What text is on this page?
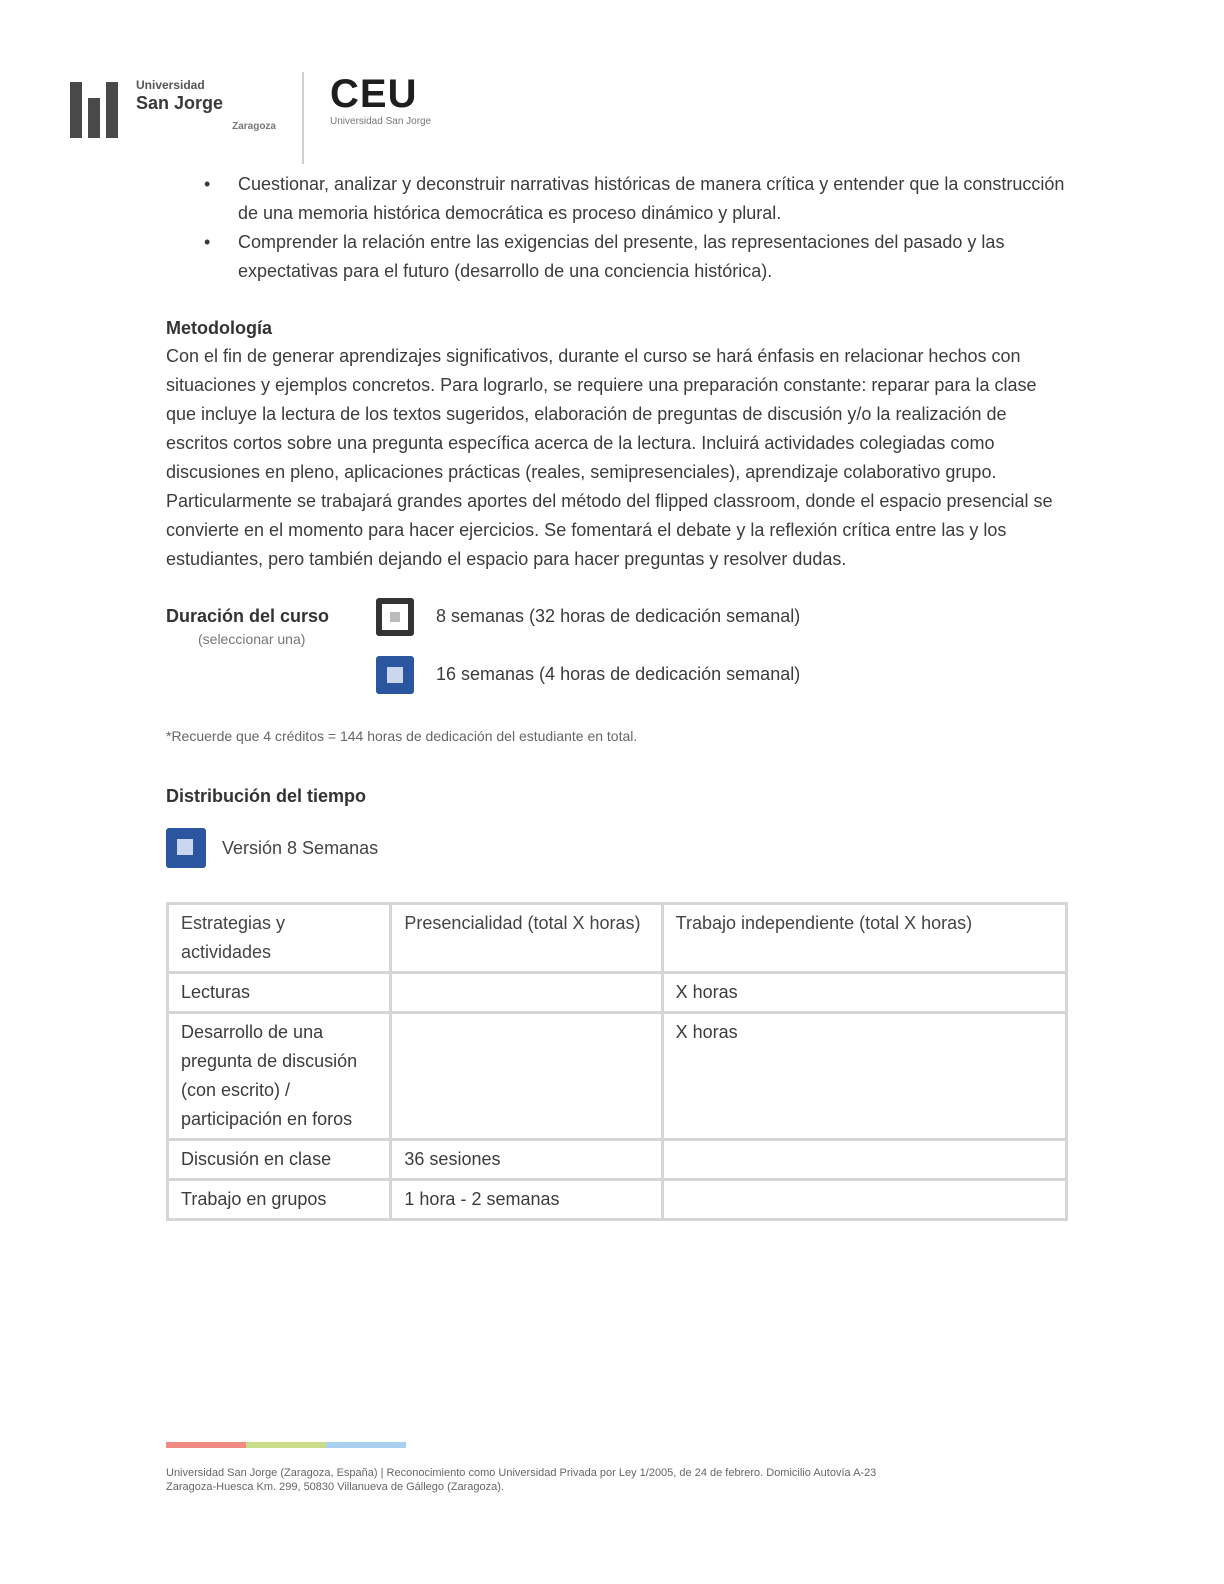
Universidad
San Jorge
Zaragoza
CEU
Universidad San Jorge
• Cuestionar, analizar y deconstruir narrativas históricas de manera crítica y entender que la construcción de una memoria histórica democrática es proceso dinámico y plural.
• Comprender la relación entre las exigencias del presente, las representaciones del pasado y las expectativas para el futuro (desarrollo de una conciencia histórica).
Metodología

Con el fin de generar aprendizajes significativos, durante el curso se hará énfasis en relacionar hechos con situaciones y ejemplos concretos. Para lograrlo, se requiere una preparación constante: reparar para la clase que incluye la lectura de los textos sugeridos, elaboración de preguntas de discusión y/o la realización de escritos cortos sobre una pregunta específica acerca de la lectura. Incluirá actividades colegiadas como discusiones en pleno, aplicaciones prácticas (reales, semipresenciales), aprendizaje colaborativo grupo. Particularmente se trabajará grandes aportes del método del flipped classroom, donde el espacio presencial se convierte en el momento para hacer ejercicios. Se fomentará el debate y la reflexión crítica entre las y los estudiantes, pero también dejando el espacio para hacer preguntas y resolver dudas.

Duración del curso
(seleccionar una)
8 semanas (32 horas de dedicación semanal)
16 semanas (4 horas de dedicación semanal)
*Recuerde que 4 créditos = 144 horas de dedicación del estudiante en total.
Distribución del tiempo
Versión 8 Semanas
Estrategias y actividades	Presencialidad (total X horas)	Trabajo independiente (total X horas)
Lecturas		X horas
Desarrollo de una pregunta de discusión (con escrito) / participación en foros		X horas
Discusión en clase	36 sesiones	
Trabajo en grupos	1 hora - 2 semanas	
Universidad San Jorge (Zaragoza, España) | Reconocimiento como Universidad Privada por Ley 1/2005, de 24 de febrero. Domicilio Autovía A-23 Zaragoza-Huesca Km. 299, 50830 Villanueva de Gállego (Zaragoza).
